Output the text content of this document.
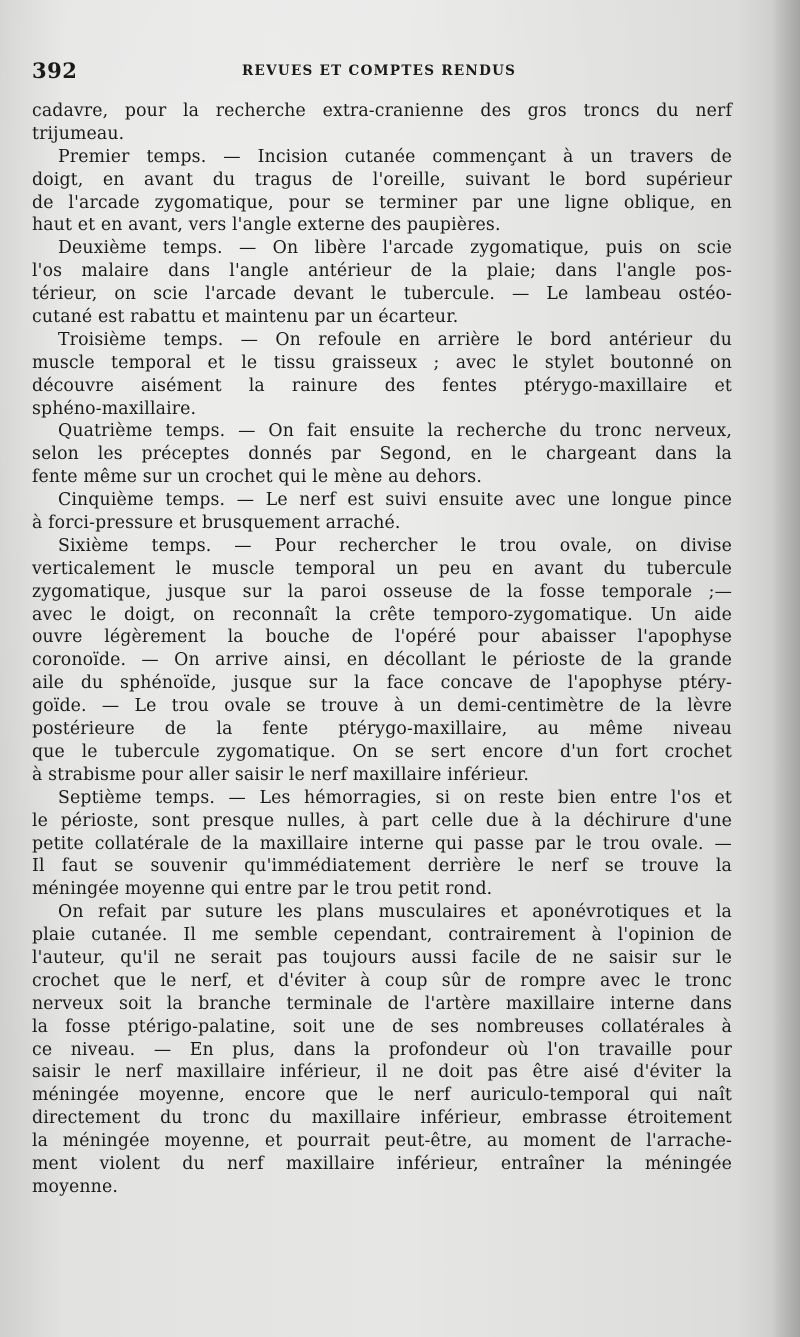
392	REVUES ET COMPTES RENDUS
cadavre, pour la recherche extra-cranienne des gros troncs du nerf
trijumeau.
Premier temps. — Incision cutanée commençant à un travers de
doigt, en avant du tragus de l'oreille, suivant le bord supérieur
de l'arcade zygomatique, pour se terminer par une ligne oblique, en
haut et en avant, vers l'angle externe des paupières.
Deuxième temps. — On libère l'arcade zygomatique, puis on scie
l'os malaire dans l'angle antérieur de la plaie; dans l'angle pos-
térieur, on scie l'arcade devant le tubercule. — Le lambeau ostéo-
cutané est rabattu et maintenu par un écarteur.
Troisième temps. — On refoule en arrière le bord antérieur du
muscle temporal et le tissu graisseux ; avec le stylet boutonné on
découvre aisément la rainure des fentes ptérygo-maxillaire et
sphéno-maxillaire.
Quatrième temps. — On fait ensuite la recherche du tronc nerveux,
selon les préceptes donnés par Segond, en le chargeant dans la
fente même sur un crochet qui le mène au dehors.
Cinquième temps. — Le nerf est suivi ensuite avec une longue pince
à forci-pressure et brusquement arraché.
Sixième temps. — Pour rechercher le trou ovale, on divise
verticalement le muscle temporal un peu en avant du tubercule
zygomatique, jusque sur la paroi osseuse de la fosse temporale ;—
avec le doigt, on reconnaît la crête temporo-zygomatique. Un aide
ouvre légèrement la bouche de l'opéré pour abaisser l'apophyse
coronoïde. — On arrive ainsi, en décollant le périoste de la grande
aile du sphénoïde, jusque sur la face concave de l'apophyse ptéry-
goïde. — Le trou ovale se trouve à un demi-centimètre de la lèvre
postérieure de la fente ptérygo-maxillaire, au même niveau
que le tubercule zygomatique. On se sert encore d'un fort crochet
à strabisme pour aller saisir le nerf maxillaire inférieur.
Septième temps. — Les hémorragies, si on reste bien entre l'os et
le périoste, sont presque nulles, à part celle due à la déchirure d'une
petite collatérale de la maxillaire interne qui passe par le trou ovale. —
Il faut se souvenir qu'immédiatement derrière le nerf se trouve la
méningée moyenne qui entre par le trou petit rond.
On refait par suture les plans musculaires et aponévrotiques et la
plaie cutanée. Il me semble cependant, contrairement à l'opinion de
l'auteur, qu'il ne serait pas toujours aussi facile de ne saisir sur le
crochet que le nerf, et d'éviter à coup sûr de rompre avec le tronc
nerveux soit la branche terminale de l'artère maxillaire interne dans
la fosse ptérigo-palatine, soit une de ses nombreuses collatérales à
ce niveau. — En plus, dans la profondeur où l'on travaille pour
saisir le nerf maxillaire inférieur, il ne doit pas être aisé d'éviter la
méningée moyenne, encore que le nerf auriculo-temporal qui naît
directement du tronc du maxillaire inférieur, embrasse étroitement
la méningée moyenne, et pourrait peut-être, au moment de l'arrache-
ment violent du nerf maxillaire inférieur, entraîner la méningée
moyenne.
